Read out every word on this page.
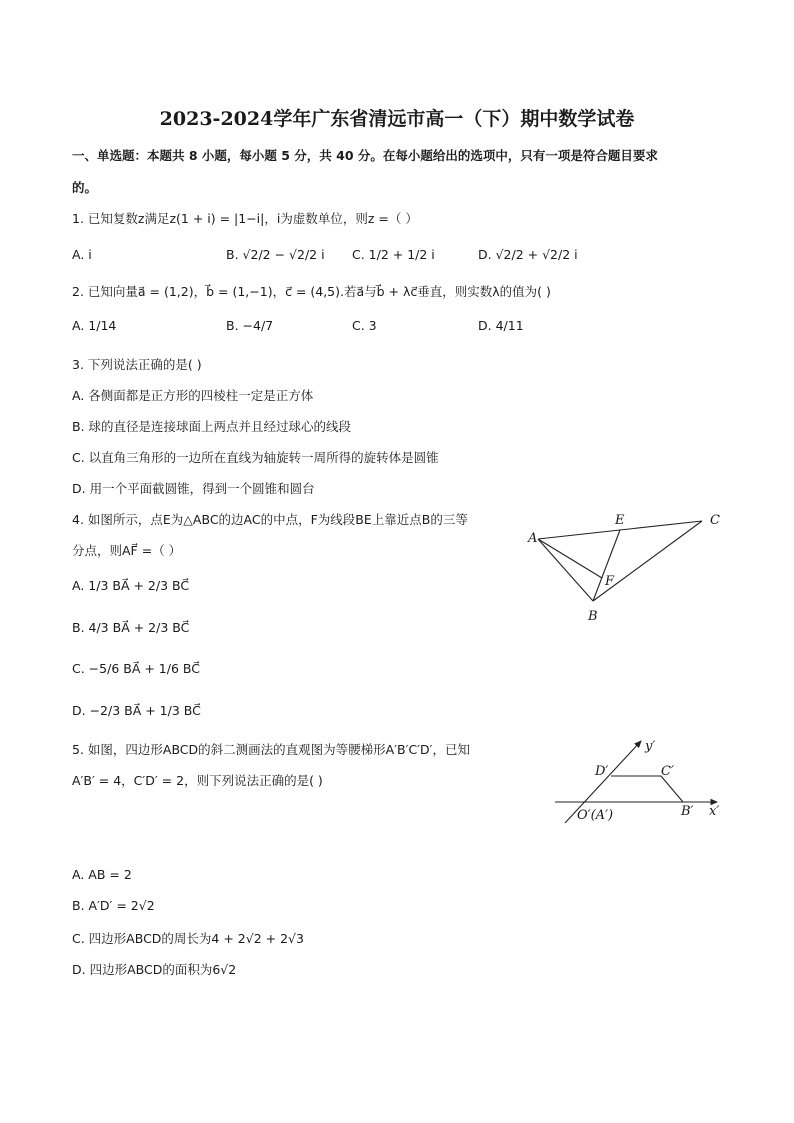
2023-2024学年广东省清远市高一（下）期中数学试卷
一、单选题：本题共 8 小题，每小题 5 分，共 40 分。在每小题给出的选项中，只有一项是符合题目要求
的。
1. 已知复数z满足z(1 + i) = |1−i|，i为虚数单位，则z =（ ）
A. i	B. √2/2 − √2/2 i C. 1/2 + 1/2 i	D. √2/2 + √2/2 i
2. 已知向量a⃗ = (1,2)，b⃗ = (1,−1)，c⃗ = (4,5).若a⃗与b⃗ + λc⃗垂直，则实数λ的值为( )
A. 1/14	B. −4/7	C. 3	D. 4/11
3. 下列说法正确的是( )
A. 各侧面都是正方形的四棱柱一定是正方体
B. 球的直径是连接球面上两点并且经过球心的线段
C. 以直角三角形的一边所在直线为轴旋转一周所得的旋转体是圆锥
D. 用一个平面截圆锥，得到一个圆锥和圆台
4. 如图所示，点E为△ABC的边AC的中点，F为线段BE上靠近点B的三等
分点，则AF⃗ =（ ）
A. 1/3 BA⃗ + 2/3 BC⃗
B. 4/3 BA⃗ + 2/3 BC⃗
C. −5/6 BA⃗ + 1/6 BC⃗
D. −2/3 BA⃗ + 1/3 BC⃗
A
E	C
F
B
5. 如图，四边形ABCD的斜二测画法的直观图为等腰梯形A′B′C′D′，已知
A′B′ = 4，C′D′ = 2，则下列说法正确的是( )
y′
D′	C′
B′ x′
O′(A′)
A. AB = 2
B. A′D′ = 2√2
C. 四边形ABCD的周长为4 + 2√2 + 2√3
D. 四边形ABCD的面积为6√2
